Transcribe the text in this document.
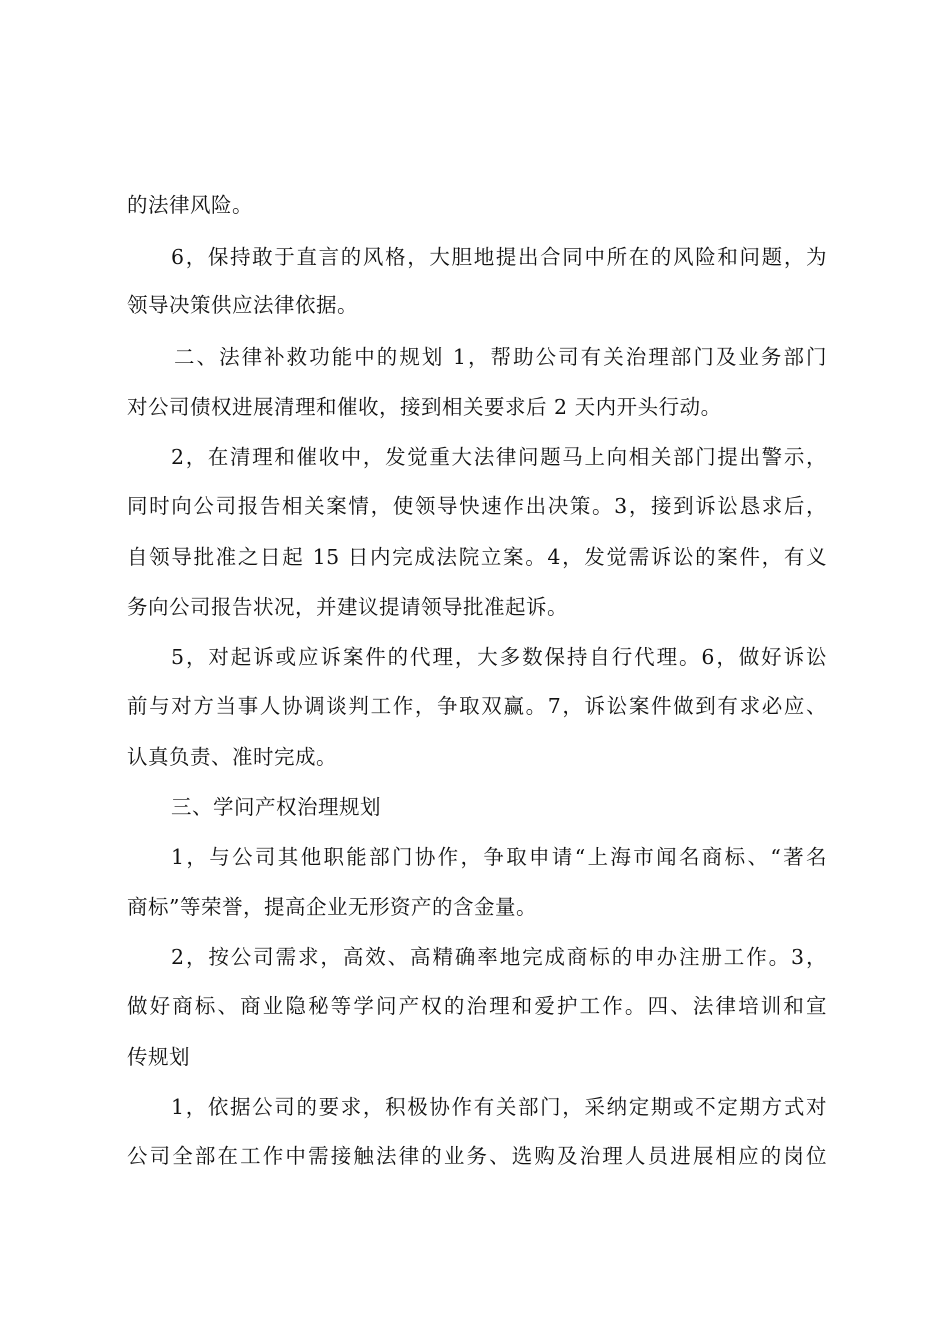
的法律风险。
6，保持敢于直言的风格，大胆地提出合同中所在的风险和问题，为
领导决策供应法律依据。
二、法律补救功能中的规划 1，帮助公司有关治理部门及业务部门
对公司债权进展清理和催收，接到相关要求后 2 天内开头行动。
2，在清理和催收中，发觉重大法律问题马上向相关部门提出警示，
同时向公司报告相关案情，使领导快速作出决策。3，接到诉讼恳求后，
自领导批准之日起 15 日内完成法院立案。4，发觉需诉讼的案件，有义
务向公司报告状况，并建议提请领导批准起诉。
5，对起诉或应诉案件的代理，大多数保持自行代理。6，做好诉讼
前与对方当事人协调谈判工作，争取双赢。7，诉讼案件做到有求必应、
认真负责、准时完成。
三、学问产权治理规划
1，与公司其他职能部门协作，争取申请“上海市闻名商标、“著名
商标”等荣誉，提高企业无形资产的含金量。
2，按公司需求，高效、高精确率地完成商标的申办注册工作。3，
做好商标、商业隐秘等学问产权的治理和爱护工作。四、法律培训和宣
传规划
1，依据公司的要求，积极协作有关部门，采纳定期或不定期方式对
公司全部在工作中需接触法律的业务、选购及治理人员进展相应的岗位
